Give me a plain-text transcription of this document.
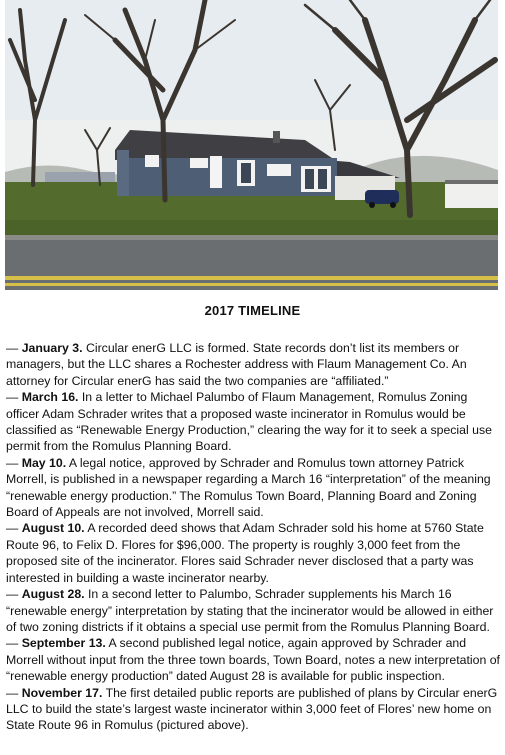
2017 TIMELINE

— January 3. Circular enerG LLC is formed. State records don’t list its members or managers, but the LLC shares a Rochester address with Flaum Management Co. An attorney for Circular enerG has said the two companies are “affiliated.”

— March 16. In a letter to Michael Palumbo of Flaum Management, Romulus Zoning officer Adam Schrader writes that a proposed waste incinerator in Romulus would be classified as “Renewable Energy Production,” clearing the way for it to seek a special use permit from the Romulus Planning Board.

— May 10. A legal notice, approved by Schrader and Romulus town attorney Patrick Morrell, is published in a newspaper regarding a March 16 “interpretation” of the meaning “renewable energy production.” The Romulus Town Board, Planning Board and Zoning Board of Appeals are not involved, Morrell said.

— August 10. A recorded deed shows that Adam Schrader sold his home at 5760 State Route 96, to Felix D. Flores for $96,000. The property is roughly 3,000 feet from the proposed site of the incinerator. Flores said Schrader never disclosed that a party was interested in building a waste incinerator nearby.

— August 28. In a second letter to Palumbo, Schrader supplements his March 16 “renewable energy” interpretation by stating that the incinerator would be allowed in either of two zoning districts if it obtains a special use permit from the Romulus Planning Board.

— September 13. A second published legal notice, again approved by Schrader and Morrell without input from the three town boards, Town Board, notes a new interpretation of “renewable energy production” dated August 28 is available for public inspection.

— November 17. The first detailed public reports are published of plans by Circular enerG LLC to build the state’s largest waste incinerator within 3,000 feet of Flores’ new home on State Route 96 in Romulus (pictured above).
